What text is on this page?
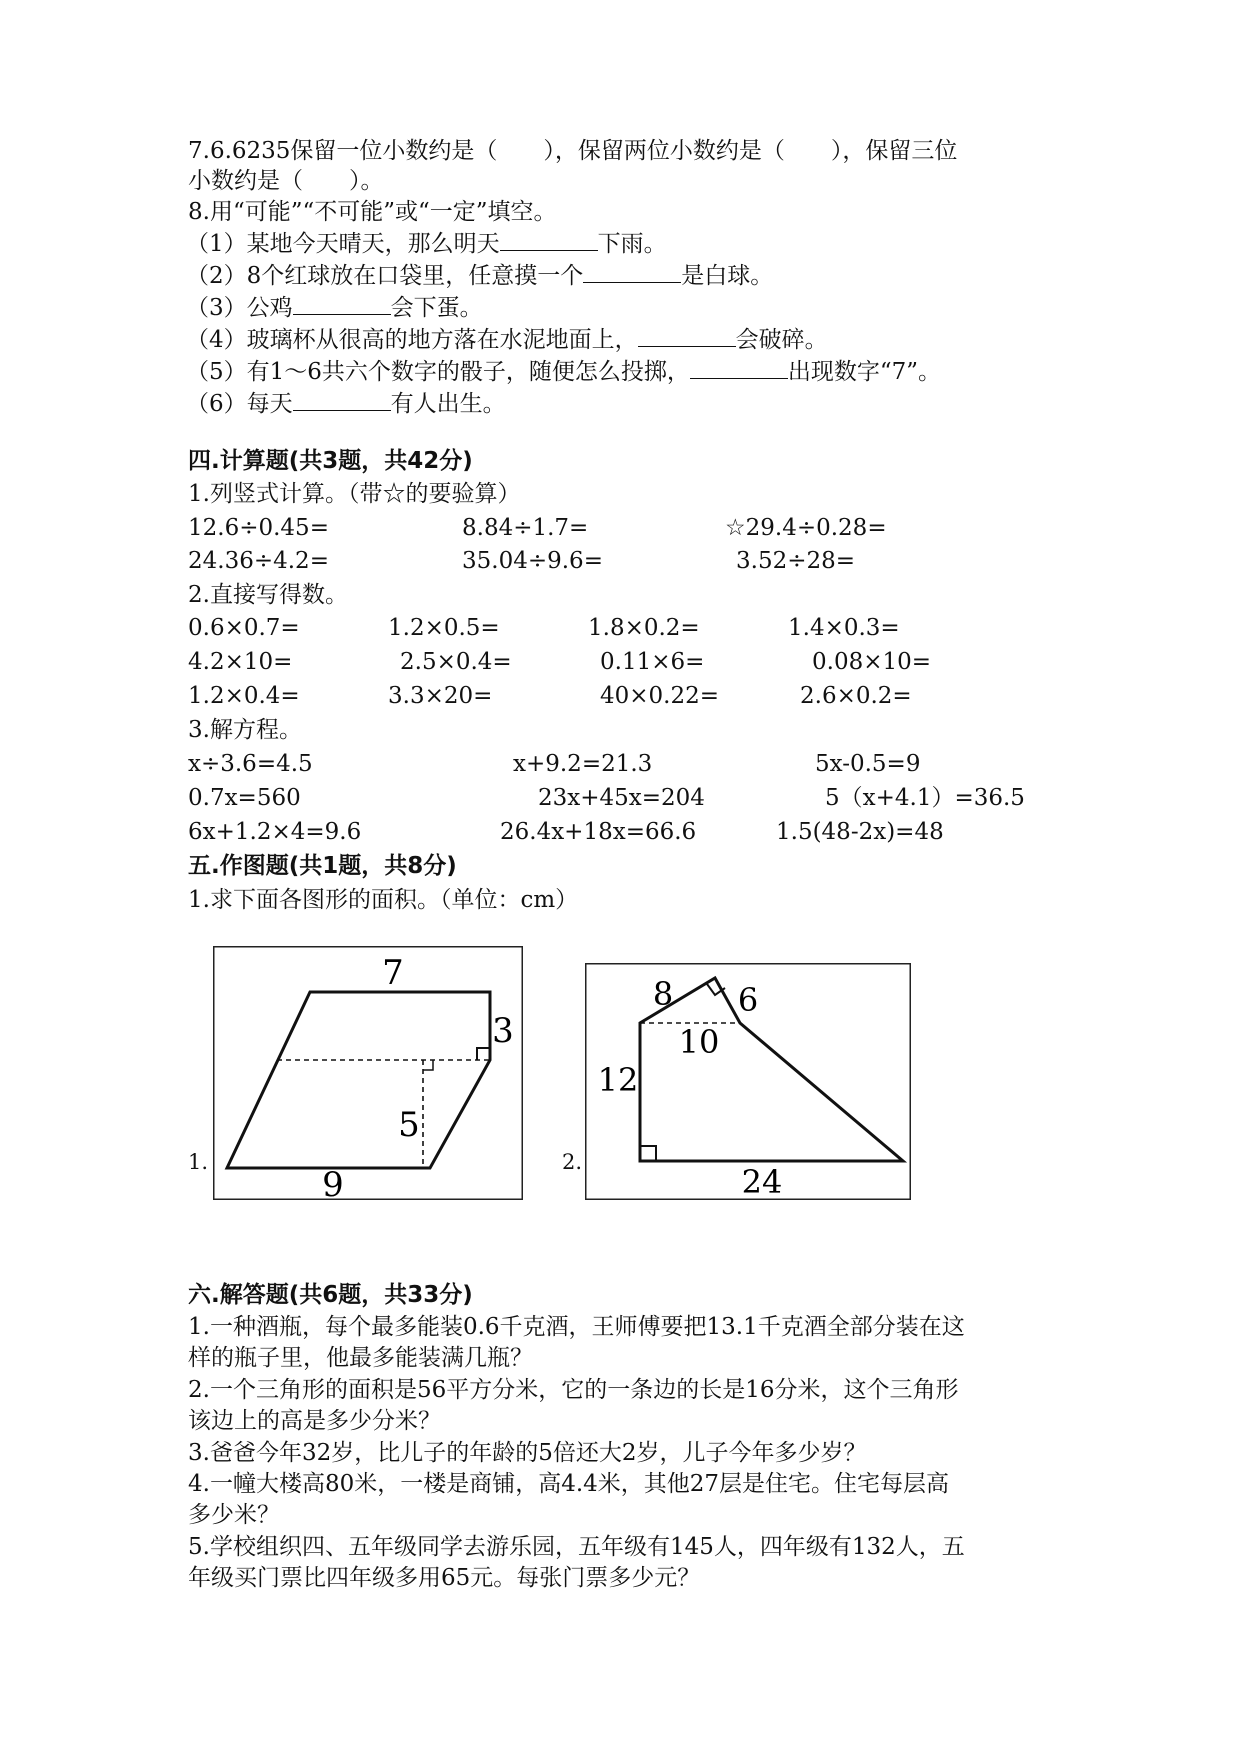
7.6.6235保留一位小数约是（　　），保留两位小数约是（　　），保留三位
小数约是（　　）。
8.用“可能”“不可能”或“一定”填空。
（1）某地今天晴天，那么明天	下雨。
（2）8个红球放在口袋里，任意摸一个	是白球。
（3）公鸡	会下蛋。
（4）玻璃杯从很高的地方落在水泥地面上，	会破碎。
（5）有1～6共六个数字的骰子，随便怎么投掷，	出现数字“7”。
（6）每天	有人出生。
四.计算题(共3题，共42分)
1.列竖式计算。（带☆的要验算）
12.6÷0.45=	8.84÷1.7=	☆29.4÷0.28=
24.36÷4.2=	35.04÷9.6=	3.52÷28=
2.直接写得数。
0.6×0.7=	1.2×0.5=	1.8×0.2=	1.4×0.3=
4.2×10=	2.5×0.4=	0.11×6=	0.08×10=
1.2×0.4=	3.3×20=	40×0.22=	2.6×0.2=
3.解方程。
x÷3.6=4.5	x+9.2=21.3	5x-0.5=9
0.7x=560	23x+45x=204	5（x+4.1）=36.5
6x+1.2×4=9.6	26.4x+18x=66.6	1.5(48-2x)=48
五.作图题(共1题，共8分)
1.求下面各图形的面积。（单位：cm）
1.
7
3
5
9
2.
8 6
10
12
24
六.解答题(共6题，共33分)
1.一种酒瓶，每个最多能装0.6千克酒，王师傅要把13.1千克酒全部分装在这
样的瓶子里，他最多能装满几瓶？
2.一个三角形的面积是56平方分米，它的一条边的长是16分米，这个三角形
该边上的高是多少分米？
3.爸爸今年32岁，比儿子的年龄的5倍还大2岁，儿子今年多少岁？
4.一幢大楼高80米，一楼是商铺，高4.4米，其他27层是住宅。住宅每层高
多少米？
5.学校组织四、五年级同学去游乐园，五年级有145人，四年级有132人，五
年级买门票比四年级多用65元。每张门票多少元？
